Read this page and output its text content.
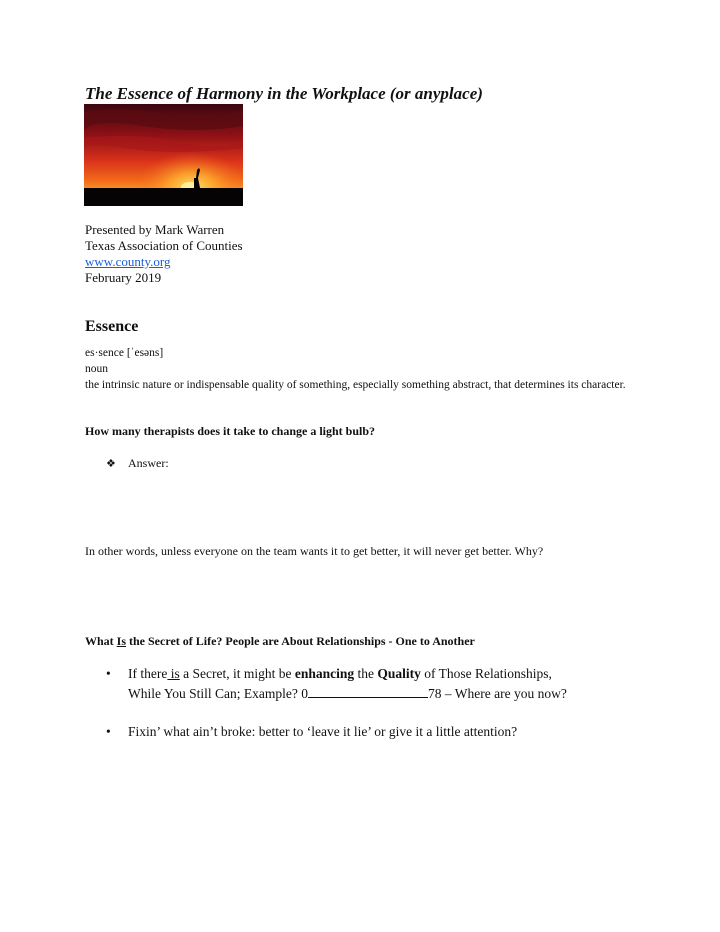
The Essence of Harmony in the Workplace (or anyplace)
Presented by Mark Warren
Texas Association of Counties
www.county.org
February 2019
Essence
es·sence [ˈesəns]
noun
the intrinsic nature or indispensable quality of something, especially something abstract, that determines its character.
How many therapists does it take to change a light bulb?
❖ Answer:
In other words, unless everyone on the team wants it to get better, it will never get better. Why?
What Is the Secret of Life? People are About Relationships - One to Another
• If there is a Secret, it might be enhancing the Quality of Those Relationships,
While You Still Can; Example? 0	78 – Where are you now?
• Fixin’ what ain’t broke: better to ‘leave it lie’ or give it a little attention?
